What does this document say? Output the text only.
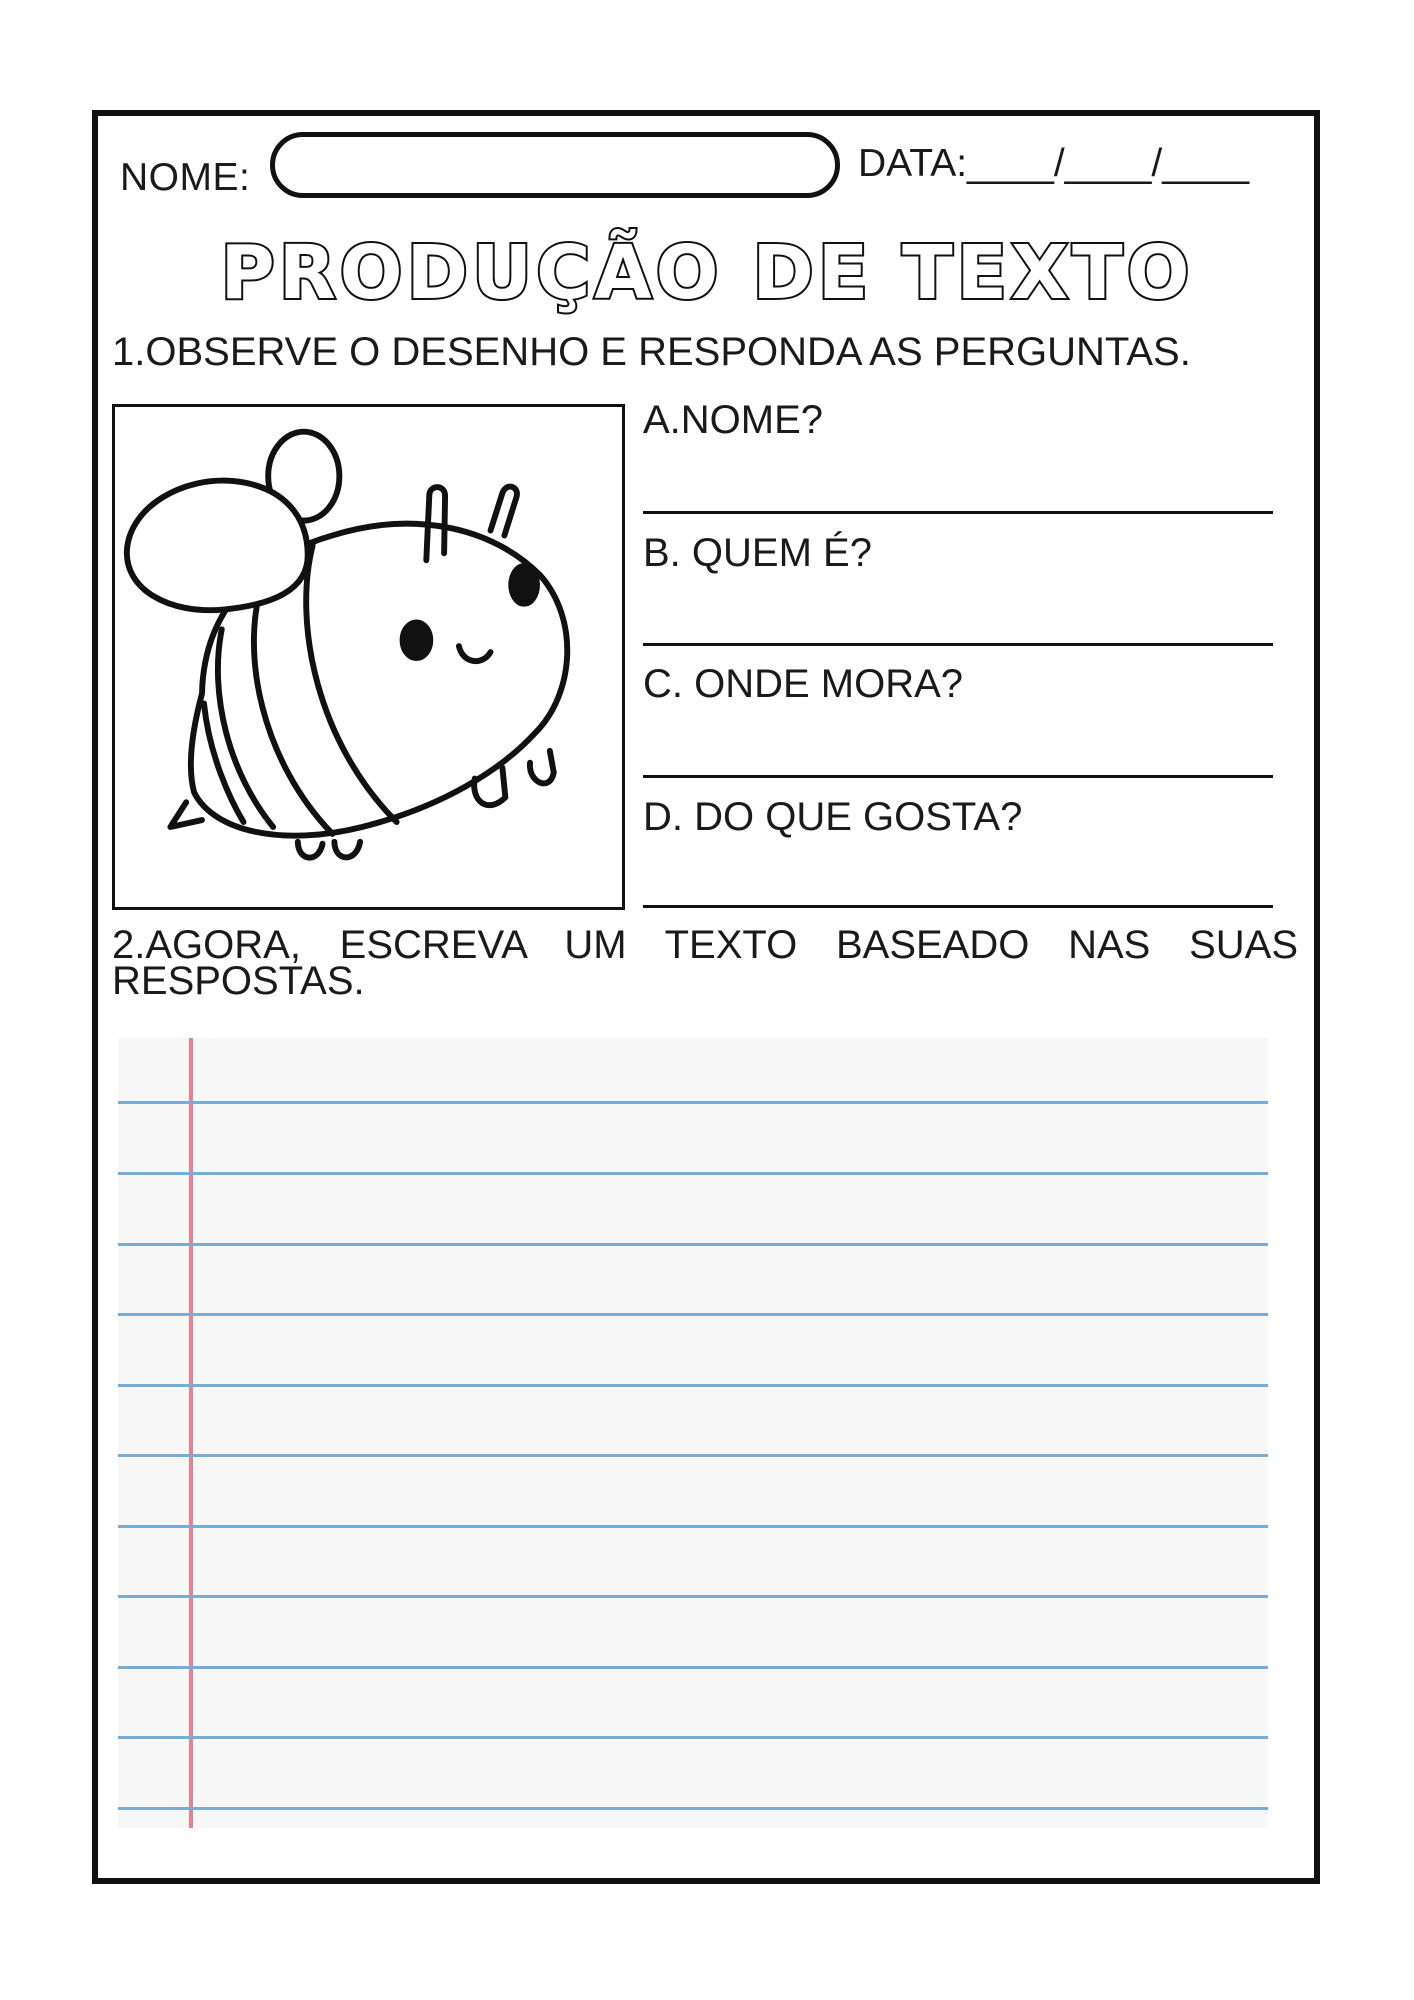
NOME:	DATA:____/____/____
PRODUÇÃO DE TEXTO
1.OBSERVE O DESENHO E RESPONDA AS PERGUNTAS.
A.NOME?
B. QUEM É?
C. ONDE MORA?
D. DO QUE GOSTA?
2.AGORA, ESCREVA UM TEXTO BASEADO NAS SUAS RESPOSTAS.
